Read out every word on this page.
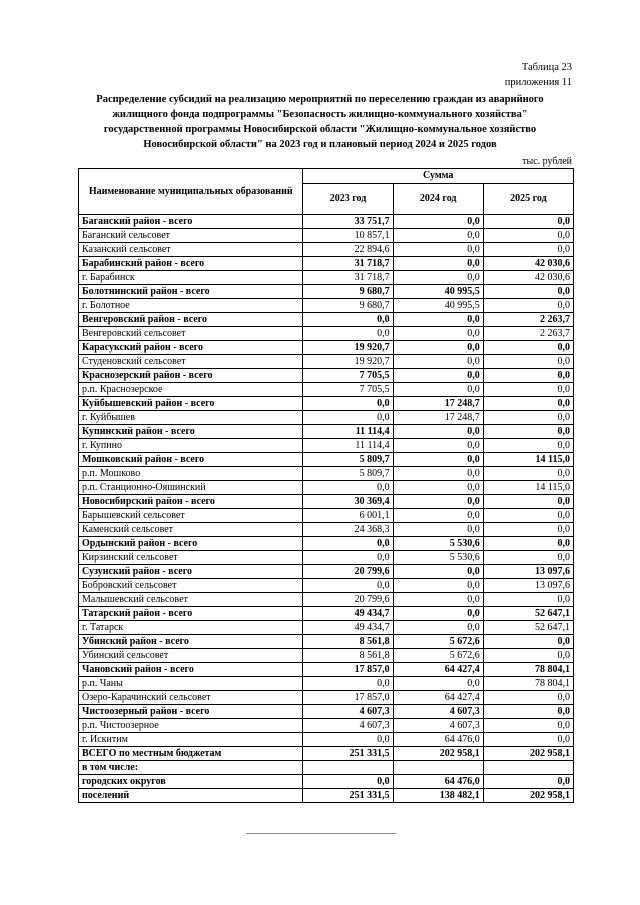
Таблица 23
приложения 11
Распределение субсидий на реализацию мероприятий по переселению граждан из аварийного
жилищного фонда подпрограммы "Безопасность жилищно-коммунального хозяйства"
государственной программы Новосибирской области "Жилищно-коммунальное хозяйство
Новосибирской области" на 2023 год и плановый период 2024 и 2025 годов
тыс. рублей
Наименование муниципальных образований	Сумма		
	2023 год	2024 год	2025 год
Баганский район - всего	33 751,7	0,0	0,0
Баганский сельсовет	10 857,1	0,0	0,0
Казанский сельсовет	22 894,6	0,0	0,0
Барабинский район - всего	31 718,7	0,0	42 030,6
г. Барабинск	31 718,7	0,0	42 030,6
Болотнинский район - всего	9 680,7	40 995,5	0,0
г. Болотное	9 680,7	40 995,5	0,0
Венгеровский район - всего	0,0	0,0	2 263,7
Венгеровский сельсовет	0,0	0,0	2 263,7
Карасукский район - всего	19 920,7	0,0	0,0
Студеновский сельсовет	19 920,7	0,0	0,0
Краснозерский район - всего	7 705,5	0,0	0,0
р.п. Краснозерское	7 705,5	0,0	0,0
Куйбышевский район - всего	0,0	17 248,7	0,0
г. Куйбышев	0,0	17 248,7	0,0
Купинский район - всего	11 114,4	0,0	0,0
г. Купино	11 114,4	0,0	0,0
Мошковский район - всего	5 809,7	0,0	14 115,0
р.п. Мошково	5 809,7	0,0	0,0
р.п. Станционно-Ояшинский	0,0	0,0	14 115,0
Новосибирский район - всего	30 369,4	0,0	0,0
Барышевский сельсовет	6 001,1	0,0	0,0
Каменский сельсовет	24 368,3	0,0	0,0
Ордынский район - всего	0,0	5 530,6	0,0
Кирзинский сельсовет	0,0	5 530,6	0,0
Сузунский район - всего	20 799,6	0,0	13 097,6
Бобровский сельсовет	0,0	0,0	13 097,6
Малышевский сельсовет	20 799,6	0,0	0,0
Татарский район - всего	49 434,7	0,0	52 647,1
г. Татарск	49 434,7	0,0	52 647,1
Убинский район - всего	8 561,8	5 672,6	0,0
Убинский сельсовет	8 561,8	5 672,6	0,0
Чановский район - всего	17 857,0	64 427,4	78 804,1
р.п. Чаны	0,0	0,0	78 804,1
Озеро-Карачинский сельсовет	17 857,0	64 427,4	0,0
Чистоозерный район - всего	4 607,3	4 607,3	0,0
р.п. Чистоозерное	4 607,3	4 607,3	0,0
г. Искитим	0,0	64 476,0	0,0
ВСЕГО по местным бюджетам	251 331,5	202 958,1	202 958,1
в том числе:			
городских округов	0,0	64 476,0	0,0
поселений	251 331,5	138 482,1	202 958,1
